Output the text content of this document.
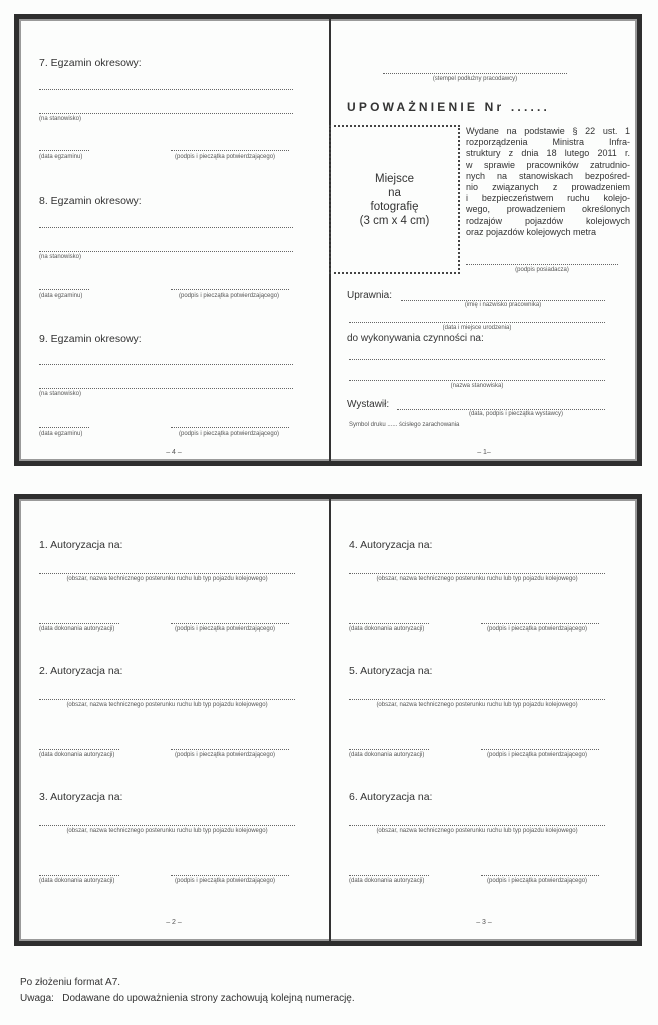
7. Egzamin okresowy:
(na stanowisko)
(data egzaminu)	(podpis i pieczątka potwierdzającego)
8. Egzamin okresowy:
(na stanowisko)
(data egzaminu)	(podpis i pieczątka potwierdzającego)
9. Egzamin okresowy:
(na stanowisko)
(data egzaminu)	(podpis i pieczątka potwierdzającego)
– 4 –
(stempel podłużny pracodawcy)
UPOWAŻNIENIE Nr ......
Miejsce
na
fotografię
(3 cm x 4 cm)
Wydane na podstawie § 22 ust. 1
rozporządzenia Ministra Infra-
struktury z dnia 18 lutego 2011 r.
w sprawie pracowników zatrudnio-
nych na stanowiskach bezpośred-
nio związanych z prowadzeniem
i bezpieczeństwem ruchu kolejo-
wego, prowadzeniem określonych
rodzajów pojazdów kolejowych
oraz pojazdów kolejowych metra
(podpis posiadacza)
Uprawnia:
(imię i nazwisko pracownika)
(data i miejsce urodzenia)
do wykonywania czynności na:
(nazwa stanowiska)
Wystawił:
(data, podpis i pieczątka wystawcy)
Symbol druku ...... ścisłego zarachowania
– 1–
1. Autoryzacja na:
(obszar, nazwa technicznego posterunku ruchu lub typ pojazdu kolejowego)
(data dokonania autoryzacji)	(podpis i pieczątka potwierdzającego)
2. Autoryzacja na:
(obszar, nazwa technicznego posterunku ruchu lub typ pojazdu kolejowego)
(data dokonania autoryzacji)	(podpis i pieczątka potwierdzającego)
3. Autoryzacja na:
(obszar, nazwa technicznego posterunku ruchu lub typ pojazdu kolejowego)
(data dokonania autoryzacji)	(podpis i pieczątka potwierdzającego)
– 2 –
4. Autoryzacja na:
(obszar, nazwa technicznego posterunku ruchu lub typ pojazdu kolejowego)
(data dokonania autoryzacji)	(podpis i pieczątka potwierdzającego)
5. Autoryzacja na:
(obszar, nazwa technicznego posterunku ruchu lub typ pojazdu kolejowego)
(data dokonania autoryzacji)	(podpis i pieczątka potwierdzającego)
6. Autoryzacja na:
(obszar, nazwa technicznego posterunku ruchu lub typ pojazdu kolejowego)
(data dokonania autoryzacji)	(podpis i pieczątka potwierdzającego)
– 3 –
Po złożeniu format A7.
Uwaga:   Dodawane do upoważnienia strony zachowują kolejną numerację.
